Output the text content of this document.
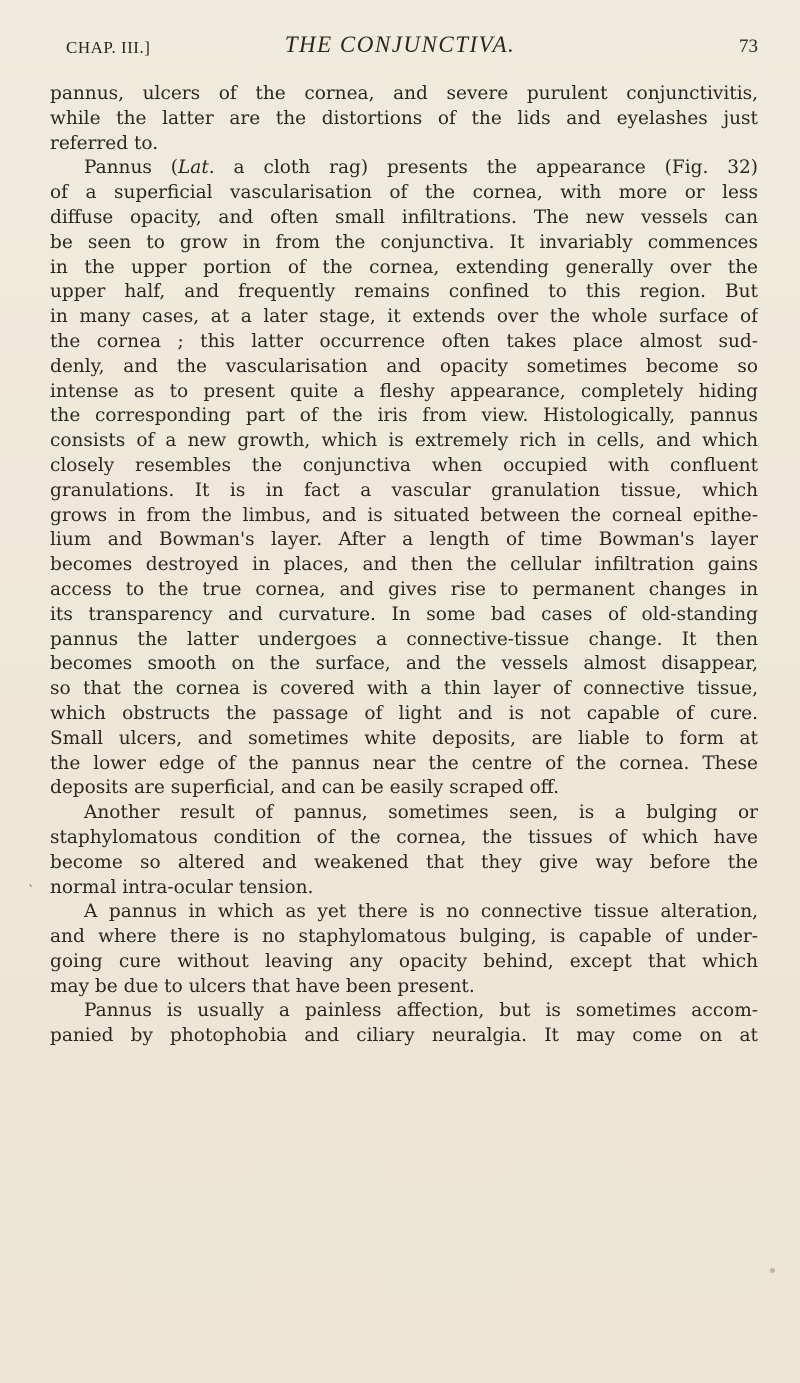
CHAP. III.]	THE CONJUNCTIVA.	73
pannus, ulcers of the cornea, and severe purulent conjunctivitis,
while the latter are the distortions of the lids and eyelashes just
referred to.
Pannus (Lat. a cloth rag) presents the appearance (Fig. 32)
of a superficial vascularisation of the cornea, with more or less
diffuse opacity, and often small infiltrations. The new vessels can
be seen to grow in from the conjunctiva. It invariably commences
in the upper portion of the cornea, extending generally over the
upper half, and frequently remains confined to this region. But
in many cases, at a later stage, it extends over the whole surface of
the cornea ; this latter occurrence often takes place almost sud-
denly, and the vascularisation and opacity sometimes become so
intense as to present quite a fleshy appearance, completely hiding
the corresponding part of the iris from view. Histologically, pannus
consists of a new growth, which is extremely rich in cells, and which
closely resembles the conjunctiva when occupied with confluent
granulations. It is in fact a vascular granulation tissue, which
grows in from the limbus, and is situated between the corneal epithe-
lium and Bowman's layer. After a length of time Bowman's layer
becomes destroyed in places, and then the cellular infiltration gains
access to the true cornea, and gives rise to permanent changes in
its transparency and curvature. In some bad cases of old-standing
pannus the latter undergoes a connective-tissue change. It then
becomes smooth on the surface, and the vessels almost disappear,
so that the cornea is covered with a thin layer of connective tissue,
which obstructs the passage of light and is not capable of cure.
Small ulcers, and sometimes white deposits, are liable to form at
the lower edge of the pannus near the centre of the cornea. These
deposits are superficial, and can be easily scraped off.
Another result of pannus, sometimes seen, is a bulging or
staphylomatous condition of the cornea, the tissues of which have
become so altered and weakened that they give way before the
normal intra-ocular tension.
A pannus in which as yet there is no connective tissue alteration,
and where there is no staphylomatous bulging, is capable of under-
going cure without leaving any opacity behind, except that which
may be due to ulcers that have been present.
Pannus is usually a painless affection, but is sometimes accom-
panied by photophobia and ciliary neuralgia. It may come on at
ˋ
